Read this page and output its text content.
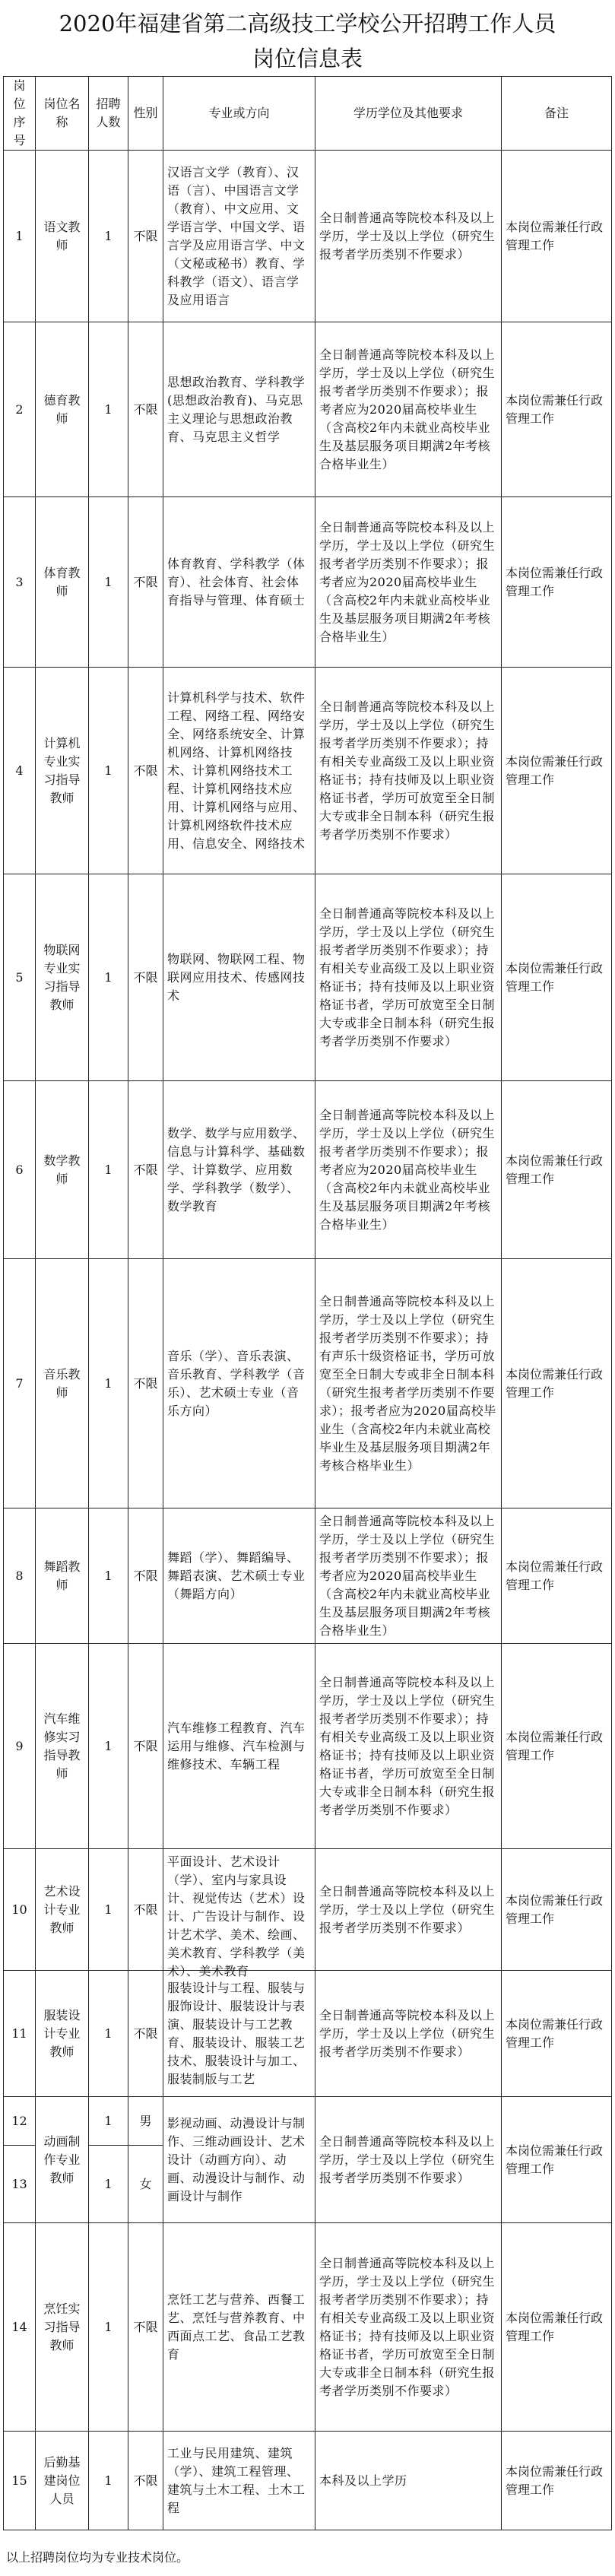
2020年福建省第二高级技工学校公开招聘工作人员
岗位信息表
岗位序号	岗位名称	招聘人数	性别	专业或方向	学历学位及其他要求	备注
1	语文教师	1	不限	汉语言文学（教育）、汉语（言）、中国语言文学（教育）、中文应用、文学语言学、中国文学、语言学及应用语言学、中文（文秘或秘书）教育、学科教学（语文）、语言学及应用语言	全日制普通高等院校本科及以上学历，学士及以上学位（研究生报考者学历类别不作要求）	本岗位需兼任行政管理工作
2	德育教师	1	不限	思想政治教育、学科教学(思想政治教育)、马克思主义理论与思想政治教育、马克思主义哲学	全日制普通高等院校本科及以上学历，学士及以上学位（研究生报考者学历类别不作要求）；报考者应为2020届高校毕业生（含高校2年内未就业高校毕业生及基层服务项目期满2年考核合格毕业生）	本岗位需兼任行政管理工作
3	体育教师	1	不限	体育教育、学科教学（体育）、社会体育、社会体育指导与管理、体育硕士	全日制普通高等院校本科及以上学历，学士及以上学位（研究生报考者学历类别不作要求）；报考者应为2020届高校毕业生（含高校2年内未就业高校毕业生及基层服务项目期满2年考核合格毕业生）	本岗位需兼任行政管理工作
4	计算机专业实习指导教师	1	不限	计算机科学与技术、软件工程、网络工程、网络安全、网络系统安全、计算机网络、计算机网络技术、计算机网络技术工程、计算机网络技术应用、计算机网络与应用、计算机网络软件技术应用、信息安全、网络技术	全日制普通高等院校本科及以上学历，学士及以上学位（研究生报考者学历类别不作要求）；持有相关专业高级工及以上职业资格证书；持有技师及以上职业资格证书者，学历可放宽至全日制大专或非全日制本科（研究生报考者学历类别不作要求）	本岗位需兼任行政管理工作
5	物联网专业实习指导教师	1	不限	物联网、物联网工程、物联网应用技术、传感网技术	全日制普通高等院校本科及以上学历，学士及以上学位（研究生报考者学历类别不作要求）；持有相关专业高级工及以上职业资格证书；持有技师及以上职业资格证书者，学历可放宽至全日制大专或非全日制本科（研究生报考者学历类别不作要求）	本岗位需兼任行政管理工作
6	数学教师	1	不限	数学、数学与应用数学、信息与计算科学、基础数学、计算数学、应用数学、学科教学（数学）、数学教育	全日制普通高等院校本科及以上学历，学士及以上学位（研究生报考者学历类别不作要求）；报考者应为2020届高校毕业生（含高校2年内未就业高校毕业生及基层服务项目期满2年考核合格毕业生）	本岗位需兼任行政管理工作
7	音乐教师	1	不限	音乐（学）、音乐表演、音乐教育、学科教学（音乐）、艺术硕士专业（音乐方向）	全日制普通高等院校本科及以上学历，学士及以上学位（研究生报考者学历类别不作要求）；持有声乐十级资格证书，学历可放宽至全日制大专或非全日制本科（研究生报考者学历类别不作要求）；报考者应为2020届高校毕业生（含高校2年内未就业高校毕业生及基层服务项目期满2年考核合格毕业生）	本岗位需兼任行政管理工作
8	舞蹈教师	1	不限	舞蹈（学）、舞蹈编导、舞蹈表演、艺术硕士专业（舞蹈方向）	全日制普通高等院校本科及以上学历，学士及以上学位（研究生报考者学历类别不作要求）；报考者应为2020届高校毕业生（含高校2年内未就业高校毕业生及基层服务项目期满2年考核合格毕业生）	本岗位需兼任行政管理工作
9	汽车维修实习指导教师	1	不限	汽车维修工程教育、汽车运用与维修、汽车检测与维修技术、车辆工程	全日制普通高等院校本科及以上学历，学士及以上学位（研究生报考者学历类别不作要求）；持有相关专业高级工及以上职业资格证书；持有技师及以上职业资格证书者，学历可放宽至全日制大专或非全日制本科（研究生报考者学历类别不作要求）	本岗位需兼任行政管理工作
10	艺术设计专业教师	1	不限	平面设计、艺术设计（学）、室内与家具设计、视觉传达（艺术）设计、广告设计与制作、设计艺术学、美术、绘画、美术教育、学科教学（美术）、美术教育	全日制普通高等院校本科及以上学历，学士及以上学位（研究生报考者学历类别不作要求）	本岗位需兼任行政管理工作
11	服装设计专业教师	1	不限	服装设计与工程、服装与服饰设计、服装设计与表演、服装设计与工艺教育、服装设计、服装工艺技术、服装设计与加工、服装制版与工艺	全日制普通高等院校本科及以上学历，学士及以上学位（研究生报考者学历类别不作要求）	本岗位需兼任行政管理工作
12	动画制作专业教师	1	男	影视动画、动漫设计与制作、三维动画设计、艺术设计（动画方向）、动画、动漫设计与制作、动画设计与制作	全日制普通高等院校本科及以上学历，学士及以上学位（研究生报考者学历类别不作要求）	本岗位需兼任行政管理工作
13		1	女			
14	烹饪实习指导教师	1	不限	烹饪工艺与营养、西餐工艺、烹饪与营养教育、中西面点工艺、食品工艺教育	全日制普通高等院校本科及以上学历，学士及以上学位（研究生报考者学历类别不作要求）；持有相关专业高级工及以上职业资格证书；持有技师及以上职业资格证书者，学历可放宽至全日制大专或非全日制本科（研究生报考者学历类别不作要求）	本岗位需兼任行政管理工作
15	后勤基建岗位人员	1	不限	工业与民用建筑、建筑（学）、建筑工程管理、建筑与土木工程、土木工程	本科及以上学历	本岗位需兼任行政管理工作
以上招聘岗位均为专业技术岗位。
